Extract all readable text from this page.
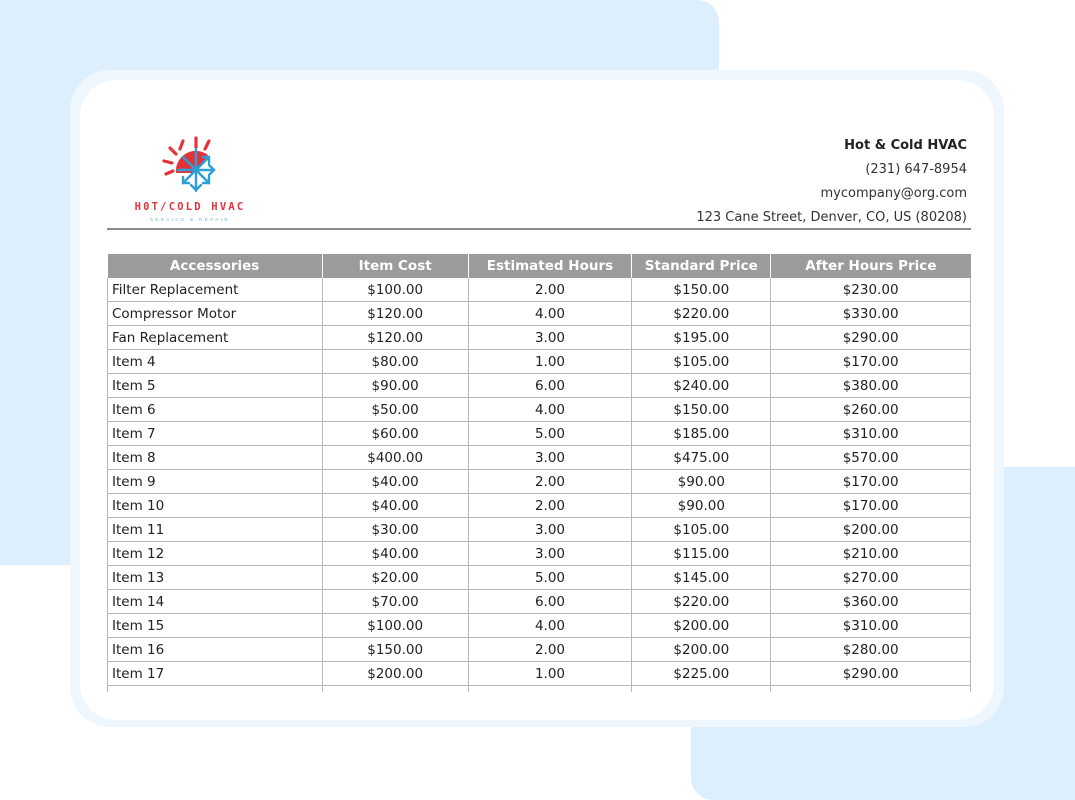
H0T/COLD HVAC
SERVICE & REPAIR
Hot & Cold HVAC
(231) 647-8954
mycompany@org.com
123 Cane Street, Denver, CO, US (80208)
Accessories	Item Cost	Estimated Hours	Standard Price	After Hours Price
Filter Replacement	$100.00	2.00	$150.00	$230.00
Compressor Motor	$120.00	4.00	$220.00	$330.00
Fan Replacement	$120.00	3.00	$195.00	$290.00
Item 4	$80.00	1.00	$105.00	$170.00
Item 5	$90.00	6.00	$240.00	$380.00
Item 6	$50.00	4.00	$150.00	$260.00
Item 7	$60.00	5.00	$185.00	$310.00
Item 8	$400.00	3.00	$475.00	$570.00
Item 9	$40.00	2.00	$90.00	$170.00
Item 10	$40.00	2.00	$90.00	$170.00
Item 11	$30.00	3.00	$105.00	$200.00
Item 12	$40.00	3.00	$115.00	$210.00
Item 13	$20.00	5.00	$145.00	$270.00
Item 14	$70.00	6.00	$220.00	$360.00
Item 15	$100.00	4.00	$200.00	$310.00
Item 16	$150.00	2.00	$200.00	$280.00
Item 17	$200.00	1.00	$225.00	$290.00
